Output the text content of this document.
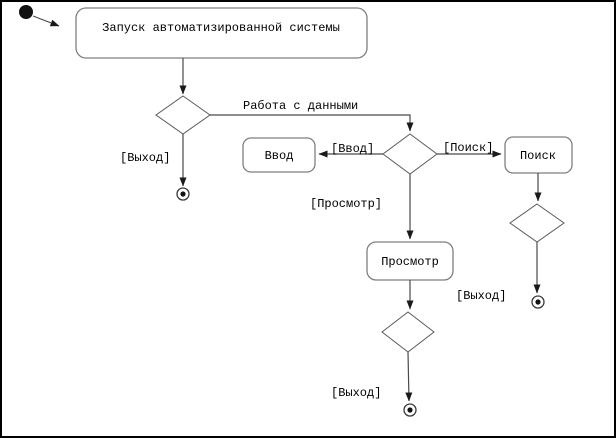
Запуск автоматизированной системы
[Выход]
Работа с данными
[Ввод]
Ввод
[Поиск]
Поиск
[Выход]
[Просмотр]
Просмотр
[Выход]
